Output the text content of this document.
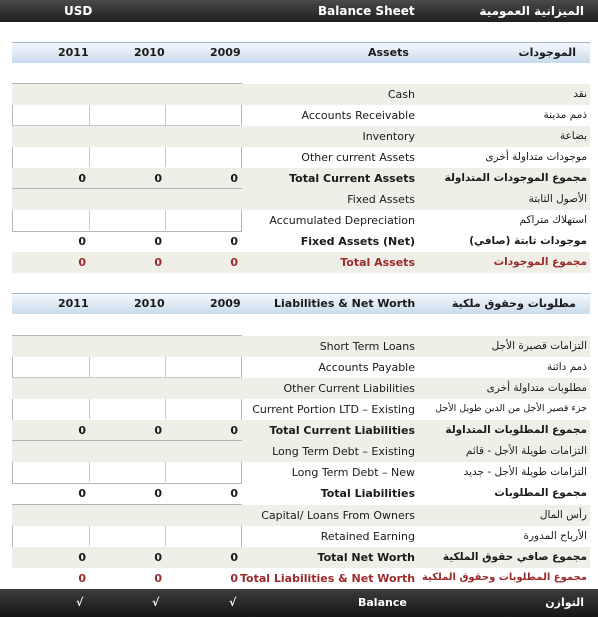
USD	Balance Sheet	الميزانية العمومية
2011	2010	2009	Assets	الموجودات
Cash	نقد
Accounts Receivable	ذمم مدينة
Inventory	بضاعة
Other current Assets	موجودات متداولة أخرى
0	0	0	Total Current Assets	مجموع الموجودات المتداولة
Fixed Assets	الأصول الثابتة
Accumulated Depreciation	استهلاك متراكم
0	0	0	Fixed Assets (Net)	موجودات ثابتة (صافي)
0	0	0	Total Assets	مجموع الموجودات
2011	2010	2009	Liabilities & Net Worth	مطلوبات وحقوق ملكية
Short Term Loans	التزامات قصيرة الأجل
Accounts Payable	ذمم دائنة
Other Current Liabilities	مطلوبات متداولة أخرى
Current Portion LTD – Existing	جزء قصير الأجل من الدين طويل الأجل
0	0	0	Total Current Liabilities	مجموع المطلوبات المتداولة
Long Term Debt – Existing	التزامات طويلة الأجل - قائم
Long Term Debt – New	التزامات طويلة الأجل - جديد
0	0	0	Total Liabilities	مجموع المطلوبات
Capital/ Loans From Owners	رأس المال
Retained Earning	الأرباح المدورة
0	0	0	Total Net Worth	مجموع صافي حقوق الملكية
0	0	0 Total Liabilities & Net Worth مجموع المطلوبات وحقوق الملكية
√	√	√	Balance	التوازن
